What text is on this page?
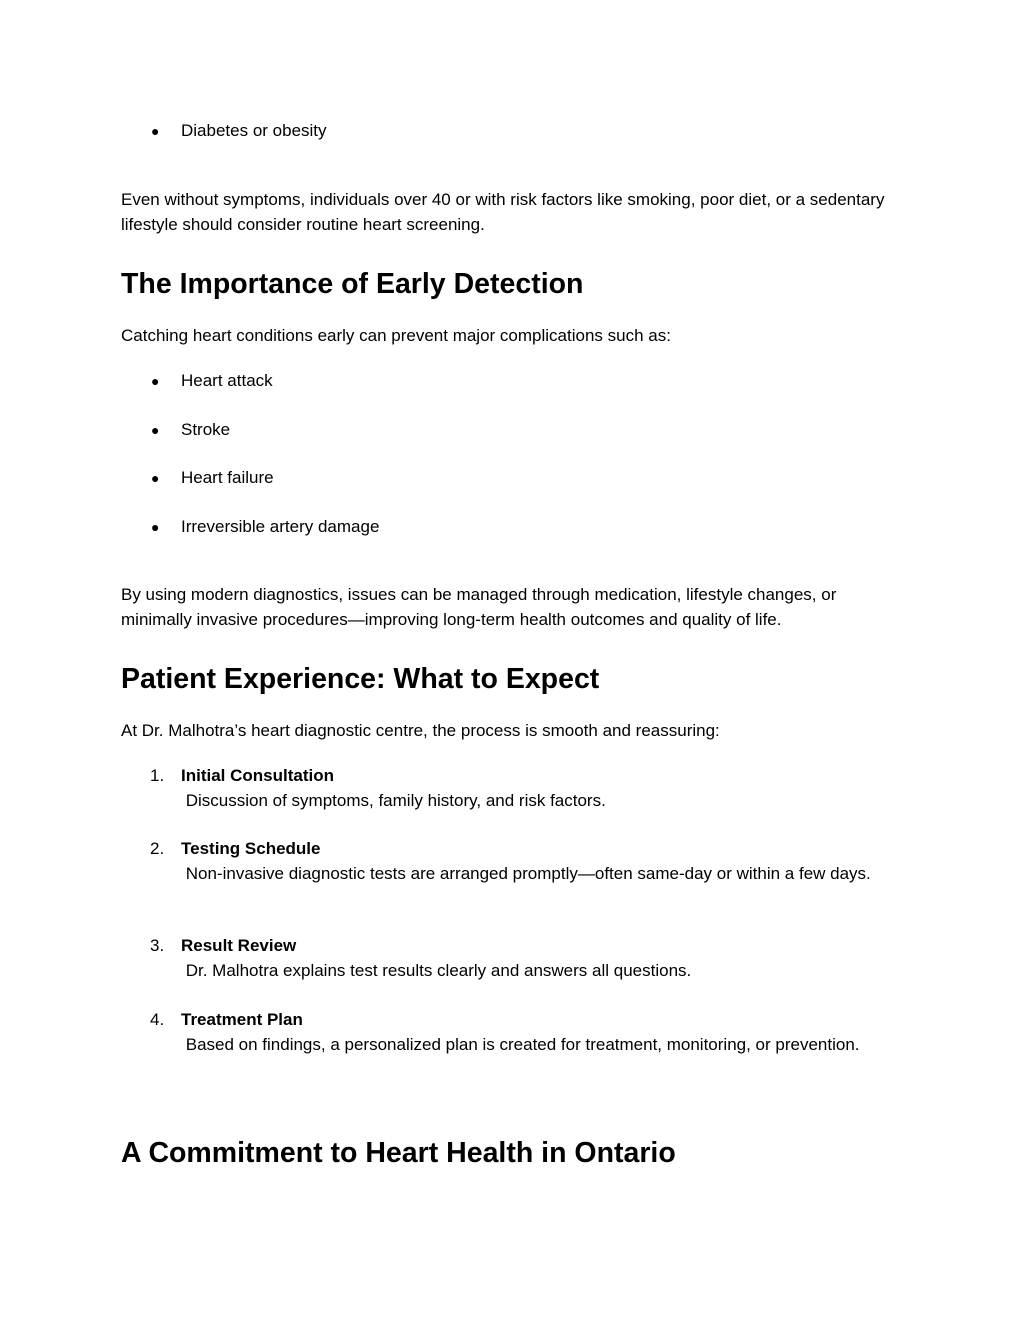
● Diabetes or obesity

Even without symptoms, individuals over 40 or with risk factors like smoking, poor diet, or a sedentary lifestyle should consider routine heart screening.

The Importance of Early Detection

Catching heart conditions early can prevent major complications such as:

● Heart attack
● Stroke
● Heart failure
● Irreversible artery damage

By using modern diagnostics, issues can be managed through medication, lifestyle changes, or minimally invasive procedures—improving long-term health outcomes and quality of life.

Patient Experience: What to Expect

At Dr. Malhotra’s heart diagnostic centre, the process is smooth and reassuring:

1. Initial Consultation
Discussion of symptoms, family history, and risk factors.
2. Testing Schedule
Non-invasive diagnostic tests are arranged promptly—often same-day or within a few days.
3. Result Review
Dr. Malhotra explains test results clearly and answers all questions.
4. Treatment Plan
Based on findings, a personalized plan is created for treatment, monitoring, or prevention.
A Commitment to Heart Health in Ontario
